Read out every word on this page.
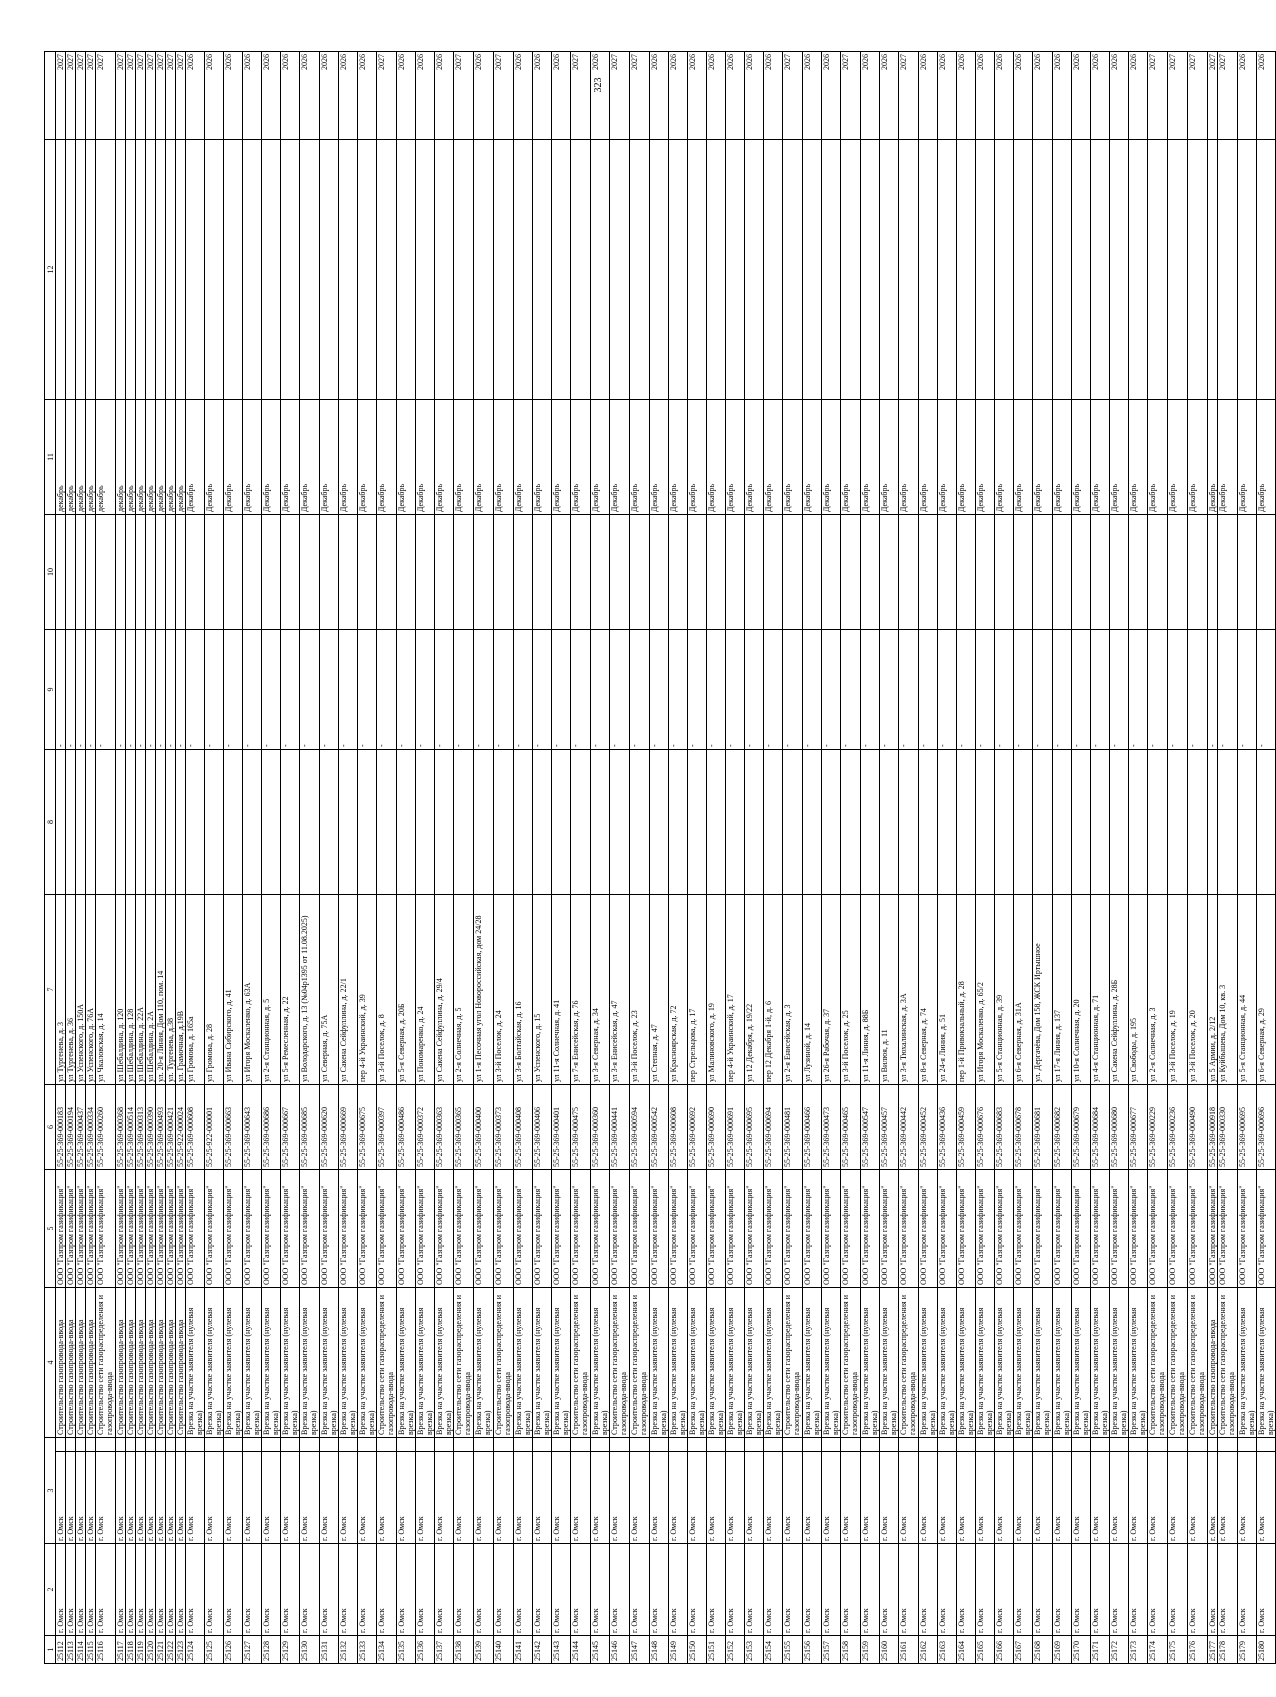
323
1	2	3		4	5	6	7	8	9	10	11	12	
25112	г. Омск	г. Омск		Строительство газопровода-ввода	ООО "Газпром газификация"	55-25-369-000183	ул Тургенева, д. 3		-		декабрь		2027
25113	г. Омск	г. Омск		Строительство газопровода-ввода	ООО "Газпром газификация"	55-25-369-000194	ул Тургенева, д. 36		-		декабрь		2027
25114	г. Омск	г. Омск		Строительство газопровода-ввода	ООО "Газпром газификация"	55-25-369-000437	ул Успенского, д. 150А		-		декабрь		2027
25115	г. Омск	г. Омск		Строительство газопровода-ввода	ООО "Газпром газификация"	55-25-369-000334	ул Успенского, д. 76А		-		декабрь		2027
25116	г. Омск	г. Омск		Строительство сети газораспределения и газопровода-ввода	ООО "Газпром газификация"	55-25-369-000260	ул Чкаловская, д. 14		-		декабрь		2027
25117	г. Омск	г. Омск		Строительство газопровода-ввода	ООО "Газпром газификация"	55-25-369-000368	ул Шебалдина, д. 120		-		декабрь		2027
25118	г. Омск	г. Омск		Строительство газопровода-ввода	ООО "Газпром газификация"	55-25-369-000514	ул Шебалдина, д. 128		-		декабрь		2027
25119	г. Омск	г. Омск		Строительство газопровода-ввода	ООО "Газпром газификация"	55-25-369-000313	ул Шебалдина, д. 22А		-		декабрь		2027
25120	г. Омск	г. Омск		Строительство газопровода-ввода	ООО "Газпром газификация"	55-25-369-000390	ул Шебалдина, д. 2А		-		декабрь		2027
25121	г. Омск	г. Омск		Строительство газопровода-ввода	ООО "Газпром газификация"	55-25-369-000493	ул. 20-я Линия, Дом 110, пом. 14		-		декабрь		2027
25122	г. Омск	г. Омск		Строительство газопровода-ввода	ООО "Газпром газификация"	55-25-369-000421	ул. Тургенева, д.38		-		декабрь		2027
25123	г. Омск	г. Омск		Строительство газопровода-ввода	ООО "Газпром газификация"	55-25-922-000024	ул. Грамочная, д.19В		-		декабрь		2027
25124	г. Омск	г. Омск		Врезка на участке заявителя (нулевая врезка)	ООО "Газпром газификация"	55-25-369-000608	ул Громова, д. 165а		-		Декабрь		2026
25125	г. Омск	г. Омск		Врезка на участке заявителя (нулевая врезка)	ООО "Газпром газификация"	55-25-922-000001	ул Громова, д. 28		-		Декабрь		2026
25126	г. Омск	г. Омск		Врезка на участке заявителя (нулевая врезка)	ООО "Газпром газификация"	55-25-369-000663	ул Ивана Сибирского, д. 41		-		Декабрь		2026
25127	г. Омск	г. Омск		Врезка на участке заявителя (нулевая врезка)	ООО "Газпром газификация"	55-25-369-000643	ул Игоря Москаленко, д. 63А		-		Декабрь		2026
25128	г. Омск	г. Омск		Врезка на участке заявителя (нулевая врезка)	ООО "Газпром газификация"	55-25-369-000686	ул 2-я Станционная, д. 5		-		Декабрь		2026
25129	г. Омск	г. Омск		Врезка на участке заявителя (нулевая врезка)	ООО "Газпром газификация"	55-25-369-000667	ул 5-я Ремесленная, д. 22		-		Декабрь		2026
25130	г. Омск	г. Омск		Врезка на участке заявителя (нулевая врезка)	ООО "Газпром газификация"	55-25-369-000685	ул Володарского, д. 13 (№04р1395 от 11.08.2025)		-		Декабрь		2026
25131	г. Омск	г. Омск		Врезка на участке заявителя (нулевая врезка)	ООО "Газпром газификация"	55-25-369-000620	ул Северная, д. 75А		-		Декабрь		2026
25132	г. Омск	г. Омск		Врезка на участке заявителя (нулевая врезка)	ООО "Газпром газификация"	55-25-369-000669	ул Сакена Сейфуллина, д. 22/1		-		Декабрь		2026
25133	г. Омск	г. Омск		Врезка на участке заявителя (нулевая врезка)	ООО "Газпром газификация"	55-25-369-000675	пер 4-й Украинский, д. 39		-		Декабрь		2026
25134	г. Омск	г. Омск		Строительство сети газораспределения и газопровода-ввода	ООО "Газпром газификация"	55-25-369-000397	ул 3-й Поселок, д. 8		-		Декабрь		2027
25135	г. Омск	г. Омск		Врезка на участке заявителя (нулевая врезка)	ООО "Газпром газификация"	55-25-369-000486	ул 5-я Северная, д. 20Б		-		Декабрь		2026
25136	г. Омск	г. Омск		Врезка на участке заявителя (нулевая врезка)	ООО "Газпром газификация"	55-25-369-000372	ул Пономаренко, д. 24		-		Декабрь		2026
25137	г. Омск	г. Омск		Врезка на участке заявителя (нулевая врезка)	ООО "Газпром газификация"	55-25-369-000363	ул Сакена Сейфуллина, д. 29/4		-		Декабрь		2026
25138	г. Омск	г. Омск		Строительство сети газораспределения и газопровода-ввода	ООО "Газпром газификация"	55-25-369-000365	ул 2-я Солнечная, д. 5		-		Декабрь		2027
25139	г. Омск	г. Омск		Врезка на участке заявителя (нулевая врезка)	ООО "Газпром газификация"	55-25-369-000400	ул 1-я Песочная угол Новороссийская, дом 24/28		-		Декабрь		2026
25140	г. Омск	г. Омск		Строительство сети газораспределения и газопровода-ввода	ООО "Газпром газификация"	55-25-369-000373	ул 3-й Поселок, д. 24		-		Декабрь		2027
25141	г. Омск	г. Омск		Врезка на участке заявителя (нулевая врезка)	ООО "Газпром газификация"	55-25-369-000408	ул 3-я Болтайская, д. 16		-		Декабрь		2026
25142	г. Омск	г. Омск		Врезка на участке заявителя (нулевая врезка)	ООО "Газпром газификация"	55-25-369-000406	ул Успенского, д. 15		-		Декабрь		2026
25143	г. Омск	г. Омск		Врезка на участке заявителя (нулевая врезка)	ООО "Газпром газификация"	55-25-369-000401	ул 11-я Солнечная, д. 41		-		Декабрь		2026
25144	г. Омск	г. Омск		Строительство сети газораспределения и газопровода-ввода	ООО "Газпром газификация"	55-25-369-000475	ул 7-я Енисейская, д. 76		-		Декабрь		2027
25145	г. Омск	г. Омск		Врезка на участке заявителя (нулевая врезка)	ООО "Газпром газификация"	55-25-369-000360	ул 3-я Северная, д. 34		-		Декабрь		2026
25146	г. Омск	г. Омск		Строительство сети газораспределения и газопровода-ввода	ООО "Газпром газификация"	55-25-369-000441	ул 3-я Енисейская, д. 47		-		Декабрь		2027
25147	г. Омск	г. Омск		Строительство сети газораспределения и газопровода-ввода	ООО "Газпром газификация"	55-25-369-000594	ул 3-й Поселок, д. 23		-		Декабрь		2027
25148	г. Омск	г. Омск		Врезка на участке заявителя (нулевая врезка)	ООО "Газпром газификация"	55-25-369-000542	ул Степная, д. 47		-		Декабрь		2026
25149	г. Омск	г. Омск		Врезка на участке заявителя (нулевая врезка)	ООО "Газпром газификация"	55-25-369-000608	ул Красноярская, д. 72		-		Декабрь		2026
25150	г. Омск	г. Омск		Врезка на участке заявителя (нулевая врезка)	ООО "Газпром газификация"	55-25-369-000692	пер Стрельцова, д. 17		-		Декабрь		2026
25151	г. Омск	г. Омск		Врезка на участке заявителя (нулевая врезка)	ООО "Газпром газификация"	55-25-369-000690	ул Малиновского, д. 19		-		Декабрь		2026
25152	г. Омск	г. Омск		Врезка на участке заявителя (нулевая врезка)	ООО "Газпром газификация"	55-25-369-000691	пер 4-й Украинский, д. 17		-		Декабрь		2026
25153	г. Омск	г. Омск		Врезка на участке заявителя (нулевая врезка)	ООО "Газпром газификация"	55-25-369-000695	ул 12 Декабря, д. 19/22		-		Декабрь		2026
25154	г. Омск	г. Омск		Врезка на участке заявителя (нулевая врезка)	ООО "Газпром газификация"	55-25-369-000694	пер 12 Декабря 1-й, д. 6		-		Декабрь		2026
25155	г. Омск	г. Омск		Строительство сети газораспределения и газопровода-ввода	ООО "Газпром газификация"	55-25-369-000481	ул 2-я Енисейская, д. 3		-		Декабрь		2027
25156	г. Омск	г. Омск		Врезка на участке заявителя (нулевая врезка)	ООО "Газпром газификация"	55-25-369-000466	ул Лузиной, д. 14		-		Декабрь		2026
25157	г. Омск	г. Омск		Врезка на участке заявителя (нулевая врезка)	ООО "Газпром газификация"	55-25-369-000473	ул 26-я Рабочая, д. 37		-		Декабрь		2026
25158	г. Омск	г. Омск		Строительство сети газораспределения и газопровода-ввода	ООО "Газпром газификация"	55-25-369-000465	ул 3-й Поселок, д. 25		-		Декабрь		2027
25159	г. Омск	г. Омск		Врезка на участке заявителя (нулевая врезка)	ООО "Газпром газификация"	55-25-369-000547	ул 11-я Линия, д. 88Б		-		Декабрь		2026
25160	г. Омск	г. Омск		Врезка на участке заявителя (нулевая врезка)	ООО "Газпром газификация"	55-25-369-000457	ул Вилюя, д. 11		-		Декабрь		2026
25161	г. Омск	г. Омск		Строительство сети газораспределения и газопровода-ввода	ООО "Газпром газификация"	55-25-369-000442	ул 3-я Тюхалинская, д. 3А		-		Декабрь		2027
25162	г. Омск	г. Омск		Врезка на участке заявителя (нулевая врезка)	ООО "Газпром газификация"	55-25-369-000452	ул 8-я Северная, д. 74		-		Декабрь		2026
25163	г. Омск	г. Омск		Врезка на участке заявителя (нулевая врезка)	ООО "Газпром газификация"	55-25-369-000436	ул 24-я Линия, д. 51		-		Декабрь		2026
25164	г. Омск	г. Омск		Врезка на участке заявителя (нулевая врезка)	ООО "Газпром газификация"	55-25-369-000459	пер 1-й Привокзальный, д. 28		-		Декабрь		2026
25165	г. Омск	г. Омск		Врезка на участке заявителя (нулевая врезка)	ООО "Газпром газификация"	55-25-369-000676	ул Игоря Москаленко, д. 65/2		-		Декабрь		2026
25166	г. Омск	г. Омск		Врезка на участке заявителя (нулевая врезка)	ООО "Газпром газификация"	55-25-369-000683	ул 5-я Станционная, д. 39		-		Декабрь		2026
25167	г. Омск	г. Омск		Врезка на участке заявителя (нулевая врезка)	ООО "Газпром газификация"	55-25-369-000678	ул 6-я Северная, д. 31А		-		Декабрь		2026
25168	г. Омск	г. Омск		Врезка на участке заявителя (нулевая врезка)	ООО "Газпром газификация"	55-25-369-000681	ул. Дергачёва, Дом 158, ЖСК Иртышное		-		Декабрь		2026
25169	г. Омск	г. Омск		Врезка на участке заявителя (нулевая врезка)	ООО "Газпром газификация"	55-25-369-000682	ул 17-я Линия, д. 137		-		Декабрь		2026
25170	г. Омск	г. Омск		Врезка на участке заявителя (нулевая врезка)	ООО "Газпром газификация"	55-25-369-000679	ул 10-я Солнечная, д. 20		-		Декабрь		2026
25171	г. Омск	г. Омск		Врезка на участке заявителя (нулевая врезка)	ООО "Газпром газификация"	55-25-369-000684	ул 4-я Станционная, д. 71		-		Декабрь		2026
25172	г. Омск	г. Омск		Врезка на участке заявителя (нулевая врезка)	ООО "Газпром газификация"	55-25-369-000680	ул Сакена Сейфуллина, д. 28Б		-		Декабрь		2026
25173	г. Омск	г. Омск		Врезка на участке заявителя (нулевая врезка)	ООО "Газпром газификация"	55-25-369-000677	ул Свободы, д. 195		-		Декабрь		2026
25174	г. Омск	г. Омск		Строительство сети газораспределения и газопровода-ввода	ООО "Газпром газификация"	55-25-369-000229	ул 2-я Солнечная, д. 3		-		Декабрь		2027
25175	г. Омск	г. Омск		Строительство сети газораспределения и газопровода-ввода	ООО "Газпром газификация"	55-25-369-000236	ул 3-й Поселок, д. 19		-		Декабрь		2027
25176	г. Омск	г. Омск		Строительство сети газораспределения и газопровода-ввода	ООО "Газпром газификация"	55-25-369-000490	ул 3-й Поселок, д. 20		-		Декабрь		2027
25177	г. Омск	г. Омск		Строительство газопровода-ввода	ООО "Газпром газификация"	55-25-369-000918	ул 5 Армии, д. 2/12		-		Декабрь		2027
25178	г. Омск	г. Омск		Строительство сети газораспределения и газопровода-ввода	ООО "Газпром газификация"	55-25-369-000330	ул Куйбышева, Дом 10, кв. 3		-		Декабрь		2027
25179	г. Омск	г. Омск		Врезка на участке заявителя (нулевая врезка)	ООО "Газпром газификация"	55-25-369-000695	ул 5-я Станционная, д. 44		-		Декабрь		2026
25180	г. Омск	г. Омск		Врезка на участке заявителя (нулевая врезка)	ООО "Газпром газификация"	55-25-369-000696	ул 6-я Северная, д. 29		-		Декабрь		2026
